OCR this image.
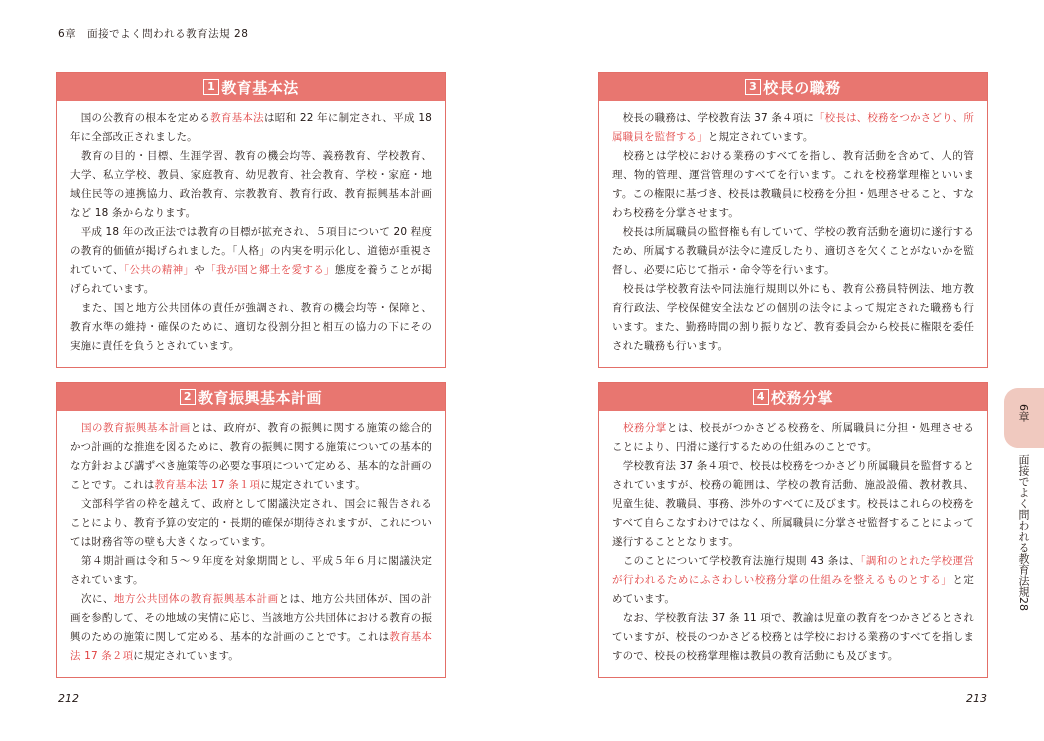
6章　面接でよく問われる教育法規 28
1 教育基本法

　国の公教育の根本を定める教育基本法は昭和 22 年に制定され、平成 18 年に全部改正されました。

　教育の目的・目標、生涯学習、教育の機会均等、義務教育、学校教育、大学、私立学校、教員、家庭教育、幼児教育、社会教育、学校・家庭・地域住民等の連携協力、政治教育、宗教教育、教育行政、教育振興基本計画など 18 条からなります。

　平成 18 年の改正法では教育の目標が拡充され、５項目について 20 程度の教育的価値が掲げられました。「人格」の内実を明示化し、道徳が重視されていて、「公共の精神」や「我が国と郷土を愛する」態度を養うことが掲げられています。

　また、国と地方公共団体の責任が強調され、教育の機会均等・保障と、教育水準の維持・確保のために、適切な役割分担と相互の協力の下にその実施に責任を負うとされています。

2 教育振興基本計画

　国の教育振興基本計画とは、政府が、教育の振興に関する施策の総合的かつ計画的な推進を図るために、教育の振興に関する施策についての基本的な方針および講ずべき施策等の必要な事項について定める、基本的な計画のことです。これは教育基本法 17 条１項に規定されています。

　文部科学省の枠を越えて、政府として閣議決定され、国会に報告されることにより、教育予算の安定的・長期的確保が期待されますが、これについては財務省等の壁も大きくなっています。

　第４期計画は令和５～９年度を対象期間とし、平成５年６月に閣議決定されています。

　次に、地方公共団体の教育振興基本計画とは、地方公共団体が、国の計画を参酌して、その地域の実情に応じ、当該地方公共団体における教育の振興のための施策に関して定める、基本的な計画のことです。これは教育基本法 17 条２項に規定されています。

3 校長の職務

　校長の職務は、学校教育法 37 条４項に「校長は、校務をつかさどり、所属職員を監督する」と規定されています。

　校務とは学校における業務のすべてを指し、教育活動を含めて、人的管理、物的管理、運営管理のすべてを行います。これを校務掌理権といいます。この権限に基づき、校長は教職員に校務を分担・処理させること、すなわち校務を分掌させます。

　校長は所属職員の監督権も有していて、学校の教育活動を適切に遂行するため、所属する教職員が法令に違反したり、適切さを欠くことがないかを監督し、必要に応じて指示・命令等を行います。

　校長は学校教育法や同法施行規則以外にも、教育公務員特例法、地方教育行政法、学校保健安全法などの個別の法令によって規定された職務も行います。また、勤務時間の割り振りなど、教育委員会から校長に権限を委任された職務も行います。

4 校務分掌

　校務分掌とは、校長がつかさどる校務を、所属職員に分担・処理させることにより、円滑に遂行するための仕組みのことです。

　学校教育法 37 条４項で、校長は校務をつかさどり所属職員を監督するとされていますが、校務の範囲は、学校の教育活動、施設設備、教材教具、児童生徒、教職員、事務、渉外のすべてに及びます。校長はこれらの校務をすべて自らこなすわけではなく、所属職員に分掌させ監督することによって遂行することとなります。

　このことについて学校教育法施行規則 43 条は、「調和のとれた学校運営が行われるためにふさわしい校務分掌の仕組みを整えるものとする」と定めています。

　なお、学校教育法 37 条 11 項で、教諭は児童の教育をつかさどるとされていますが、校長のつかさどる校務とは学校における業務のすべてを指しますので、校長の校務掌理権は教員の教育活動にも及びます。

212	213
6章
面接でよく問われる教育法規28
